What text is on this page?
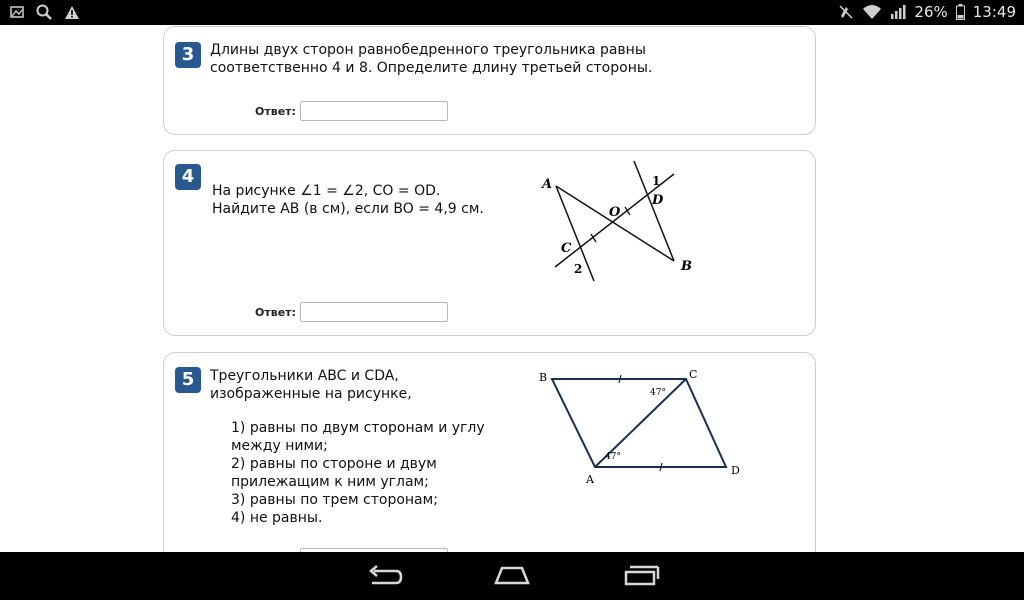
26% 13:49
3	Длины двух сторон равнобедренного треугольника равны
соответственно 4 и 8. Определите длину третьей стороны.
Ответ:
4
На рисунке ∠1 = ∠2, CO = OD.
Найдите AB (в см), если BO = 4,9 см.
A
B
C
D
O
1
2
Ответ:
5	Треугольники ABC и CDA,
изображенные на рисунке,
1) равны по двум сторонам и углу
между ними;
2) равны по стороне и двум
прилежащим к ним углам;
3) равны по трем сторонам;
4) не равны.
B	C
A
D
47°
47°
